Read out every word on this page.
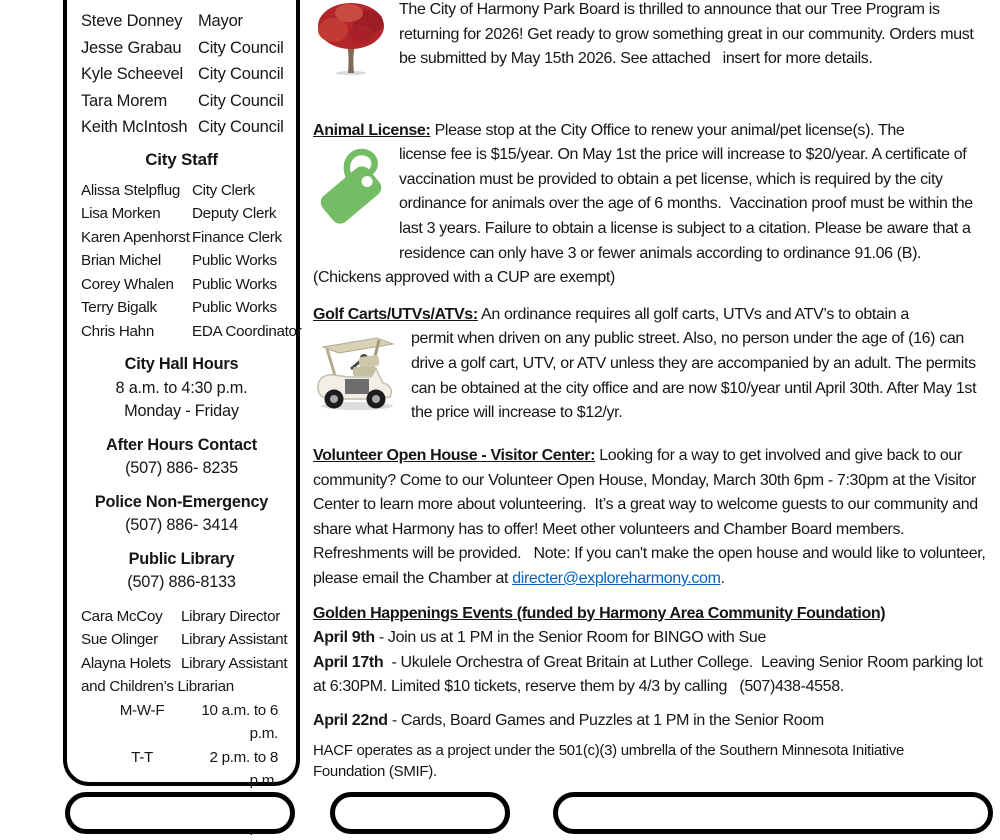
Steve Donney Mayor
Jesse Grabau	City Council
Kyle Scheevel City Council
Tara Morem	City Council
Keith McIntosh City Council
City Staff
Alissa Stelpflug City Clerk
Lisa Morken	Deputy Clerk
Karen Apenhorst Finance Clerk
Brian Michel	Public Works
Corey Whalen	Public Works
Terry Bigalk	Public Works
Chris Hahn	EDA Coordinator
City Hall Hours
8 a.m. to 4:30 p.m.
Monday - Friday
After Hours Contact
(507) 886- 8235
Police Non-Emergency
(507) 886- 3414
Public Library
(507) 886-8133
Cara McCoy	Library Director
Sue Olinger	Library Assistant
Alayna Holets Library Assistant
and Children’s Librarian
M-W-F	10 a.m. to 6 p.m.
T-T	2 p.m. to 8 p.m.
The City of Harmony Park Board is thrilled to announce that our Tree Program is returning for 2026! Get ready to grow something great in our community. Orders must be submitted by May 15th 2026. See attached   insert for more details.
Animal License: Please stop at the City Office to renew your animal/pet license(s). The
license fee is $15/year. On May 1st the price will increase to $20/year. A certificate of vaccination must be provided to obtain a pet license, which is required by the city ordinance for animals over the age of 6 months.  Vaccination proof must be within the last 3 years. Failure to obtain a license is subject to a citation. Please be aware that a residence can only have 3 or fewer animals according to ordinance 91.06 (B). (Chickens approved with a CUP are exempt)
Golf Carts/UTVs/ATVs: An ordinance requires all golf carts, UTVs and ATV’s to obtain a
permit when driven on any public street. Also, no person under the age of (16) can drive a golf cart, UTV, or ATV unless they are accompanied by an adult. The permits can be obtained at the city office and are now $10/year until April 30th. After May 1st the price will increase to $12/yr.
Volunteer Open House - Visitor Center: Looking for a way to get involved and give back to our community? Come to our Volunteer Open House, Monday, March 30th 6pm - 7:30pm at the Visitor Center to learn more about volunteering.  It’s a great way to welcome guests to our community and share what Harmony has to offer! Meet other volunteers and Chamber Board members. Refreshments will be provided.   Note: If you can't make the open house and would like to volunteer, please email the Chamber at directer@exploreharmony.com.
Golden Happenings Events (funded by Harmony Area Community Foundation)
April 9th - Join us at 1 PM in the Senior Room for BINGO with Sue
April 17th  - Ukulele Orchestra of Great Britain at Luther College.  Leaving Senior Room parking lot at 6:30PM. Limited $10 tickets, reserve them by 4/3 by calling   (507)438-4558.
April 22nd - Cards, Board Games and Puzzles at 1 PM in the Senior Room
HACF operates as a project under the 501(c)(3) umbrella of the Southern Minnesota Initiative Foundation (SMIF).
